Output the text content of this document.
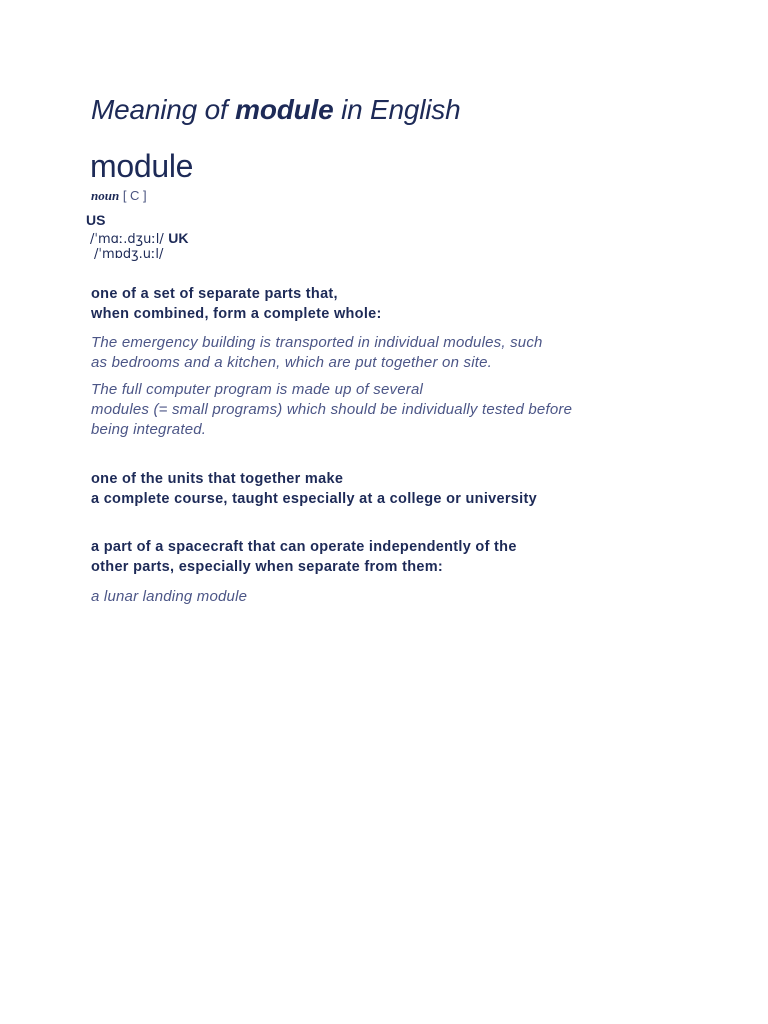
Meaning of module in English
module
noun [ C ]
US
/ˈmɑː.dʒuːl/ UK
/ˈmɒdʒ.uːl/
one of a set of separate parts that,
when combined, form a complete whole:
The emergency building is transported in individual modules, such
as bedrooms and a kitchen, which are put together on site.
The full computer program is made up of several
modules (= small programs) which should be individually tested before
being integrated.
one of the units that together make
a complete course, taught especially at a college or university
a part of a spacecraft that can operate independently of the
other parts, especially when separate from them:
a lunar landing module
